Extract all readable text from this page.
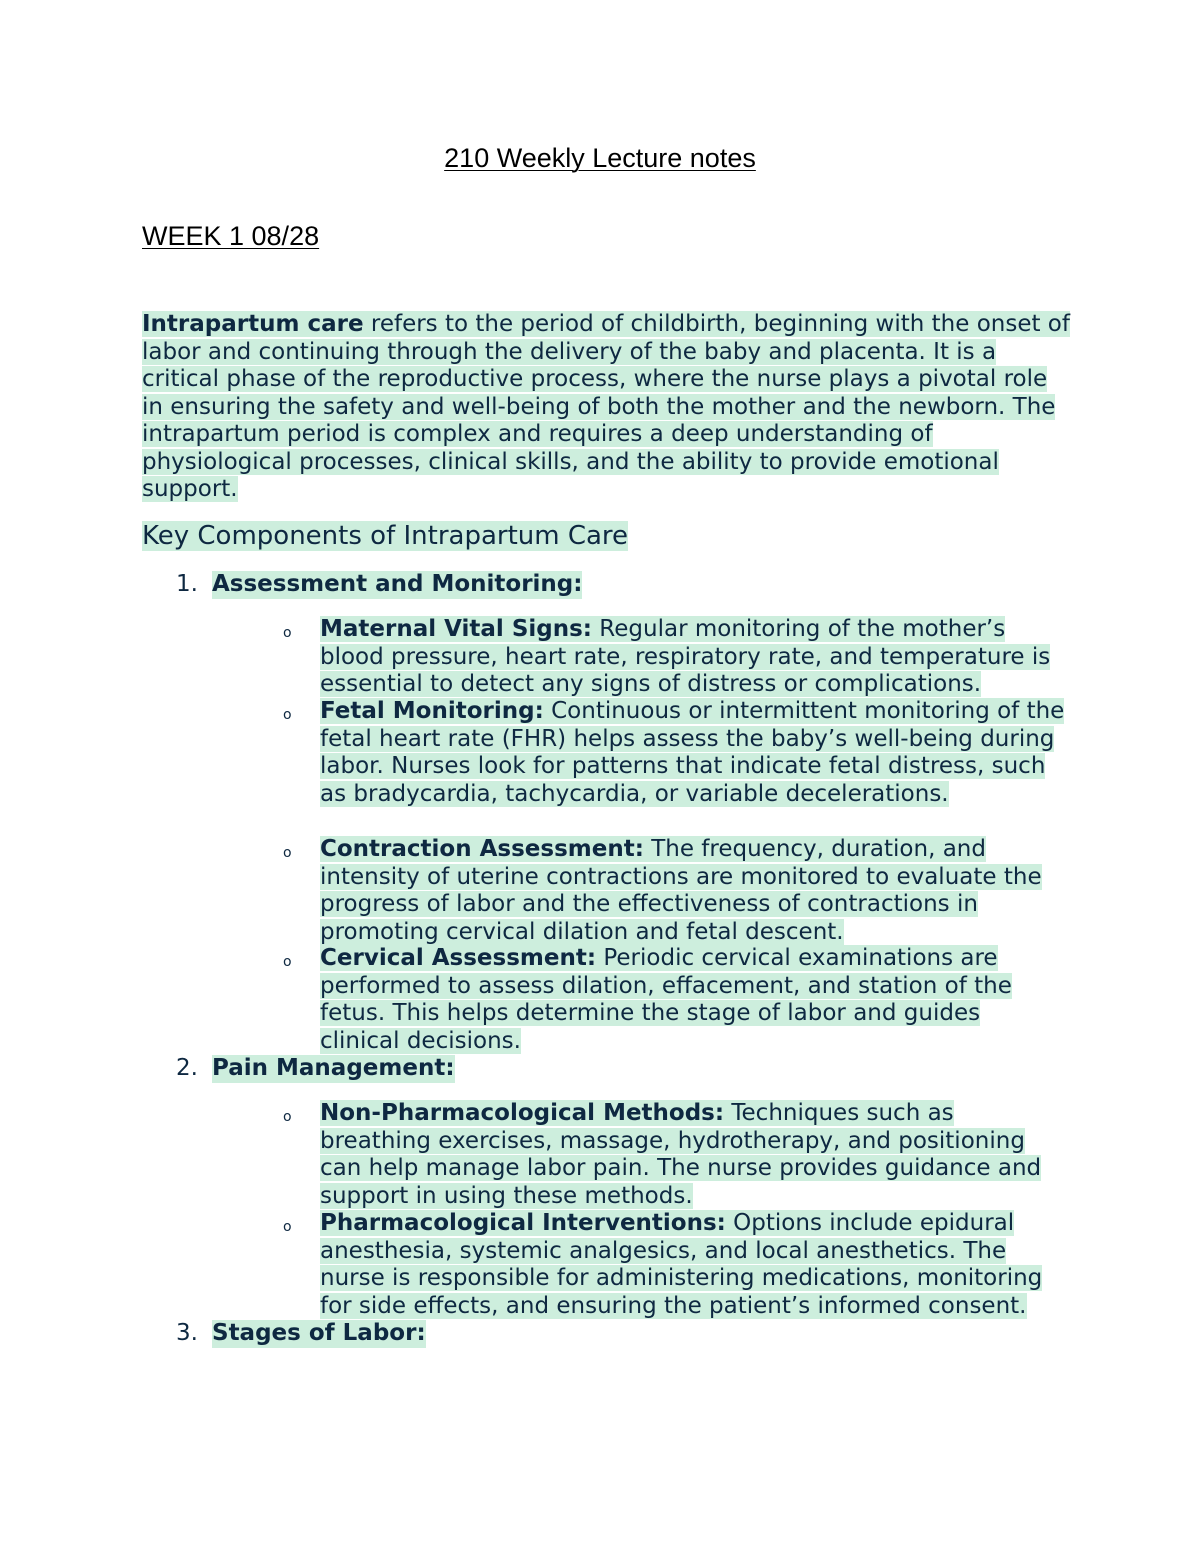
210 Weekly Lecture notes
WEEK 1 08/28
Intrapartum care refers to the period of childbirth, beginning with the onset of labor and continuing through the delivery of the baby and placenta. It is a critical phase of the reproductive process, where the nurse plays a pivotal role in ensuring the safety and well-being of both the mother and the newborn. The intrapartum period is complex and requires a deep understanding of physiological processes, clinical skills, and the ability to provide emotional support.
Key Components of Intrapartum Care
1. Assessment and Monitoring:
o Maternal Vital Signs: Regular monitoring of the mother’s blood pressure, heart rate, respiratory rate, and temperature is essential to detect any signs of distress or complications.
o Fetal Monitoring: Continuous or intermittent monitoring of the fetal heart rate (FHR) helps assess the baby’s well-being during labor. Nurses look for patterns that indicate fetal distress, such as bradycardia, tachycardia, or variable decelerations.
o Contraction Assessment: The frequency, duration, and intensity of uterine contractions are monitored to evaluate the progress of labor and the effectiveness of contractions in promoting cervical dilation and fetal descent.
o Cervical Assessment: Periodic cervical examinations are performed to assess dilation, effacement, and station of the fetus. This helps determine the stage of labor and guides clinical decisions.
2. Pain Management:
o Non-Pharmacological Methods: Techniques such as breathing exercises, massage, hydrotherapy, and positioning can help manage labor pain. The nurse provides guidance and support in using these methods.
o Pharmacological Interventions: Options include epidural anesthesia, systemic analgesics, and local anesthetics. The nurse is responsible for administering medications, monitoring for side effects, and ensuring the patient’s informed consent.
3. Stages of Labor:
